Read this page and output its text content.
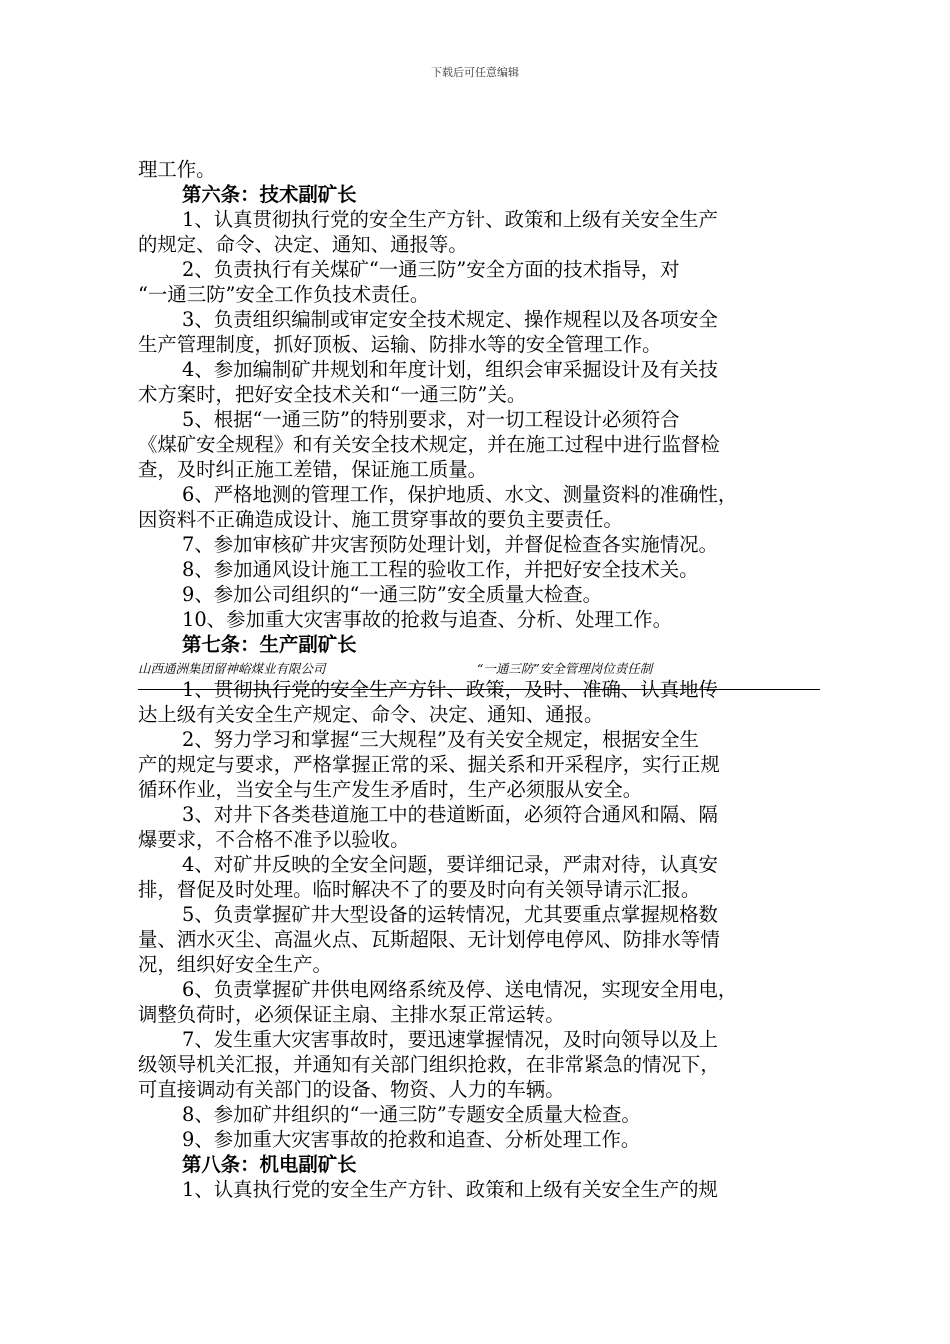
下载后可任意编辑
理工作。
第六条：技术副矿长
1、认真贯彻执行党的安全生产方针、政策和上级有关安全生产
的规定、命令、决定、通知、通报等。
2、负责执行有关煤矿“一通三防”安全方面的技术指导，对
“一通三防”安全工作负技术责任。
3、负责组织编制或审定安全技术规定、操作规程以及各项安全
生产管理制度，抓好顶板、运输、防排水等的安全管理工作。
4、参加编制矿井规划和年度计划，组织会审采掘设计及有关技
术方案时，把好安全技术关和“一通三防”关。
5、根据“一通三防”的特别要求，对一切工程设计必须符合
《煤矿安全规程》和有关安全技术规定，并在施工过程中进行监督检
查，及时纠正施工差错，保证施工质量。
6、严格地测的管理工作，保护地质、水文、测量资料的准确性，
因资料不正确造成设计、施工贯穿事故的要负主要责任。
7、参加审核矿井灾害预防处理计划，并督促检查各实施情况。
8、参加通风设计施工工程的验收工作，并把好安全技术关。
9、参加公司组织的“一通三防”安全质量大检查。
10、参加重大灾害事故的抢救与追查、分析、处理工作。
第七条：生产副矿长
山西通洲集团留神峪煤业有限公司	“一通三防”安全管理岗位责任制
1、贯彻执行党的安全生产方针、政策，及时、准确、认真地传
达上级有关安全生产规定、命令、决定、通知、通报。
2、努力学习和掌握“三大规程”及有关安全规定，根据安全生
产的规定与要求，严格掌握正常的采、掘关系和开采程序，实行正规
循环作业，当安全与生产发生矛盾时，生产必须服从安全。
3、对井下各类巷道施工中的巷道断面，必须符合通风和隔、隔
爆要求，不合格不准予以验收。
4、对矿井反映的全安全问题，要详细记录，严肃对待，认真安
排，督促及时处理。临时解决不了的要及时向有关领导请示汇报。
5、负责掌握矿井大型设备的运转情况，尤其要重点掌握规格数
量、洒水灭尘、高温火点、瓦斯超限、无计划停电停风、防排水等情
况，组织好安全生产。
6、负责掌握矿井供电网络系统及停、送电情况，实现安全用电，
调整负荷时，必须保证主扇、主排水泵正常运转。
7、发生重大灾害事故时，要迅速掌握情况，及时向领导以及上
级领导机关汇报，并通知有关部门组织抢救，在非常紧急的情况下，
可直接调动有关部门的设备、物资、人力的车辆。
8、参加矿井组织的“一通三防”专题安全质量大检查。
9、参加重大灾害事故的抢救和追查、分析处理工作。
第八条：机电副矿长
1、认真执行党的安全生产方针、政策和上级有关安全生产的规
